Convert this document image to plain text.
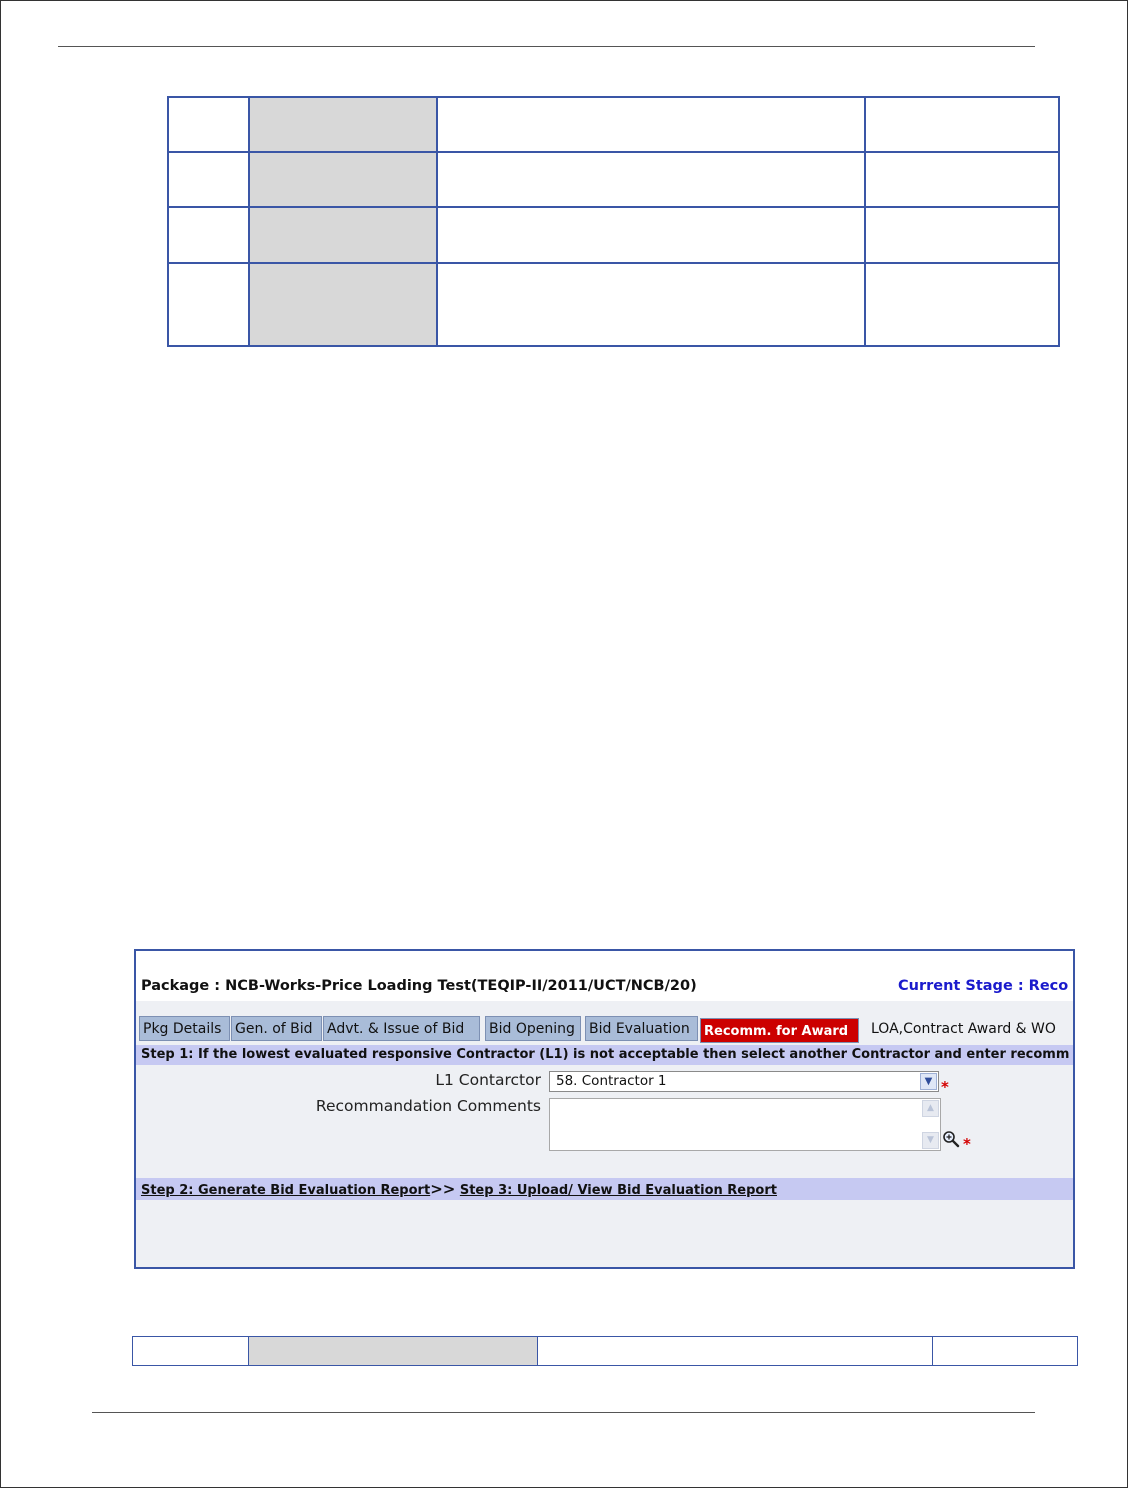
Package : NCB-Works-Price Loading Test(TEQIP-II/2011/UCT/NCB/20)	Current Stage : Reco
Pkg Details Gen. of Bid	Advt. & Issue of Bid	Bid Opening	Bid Evaluation	Recomm. for Award	LOA,Contract Award & WO
Step 1: If the lowest evaluated responsive Contractor (L1) is not acceptable then select another Contractor and enter recomm
L1 Contarctor	58. Contractor 1	▼ *
Recommandation Comments	▲
▼	*
Step 2: Generate Bid Evaluation Report>> Step 3: Upload/ View Bid Evaluation Report
